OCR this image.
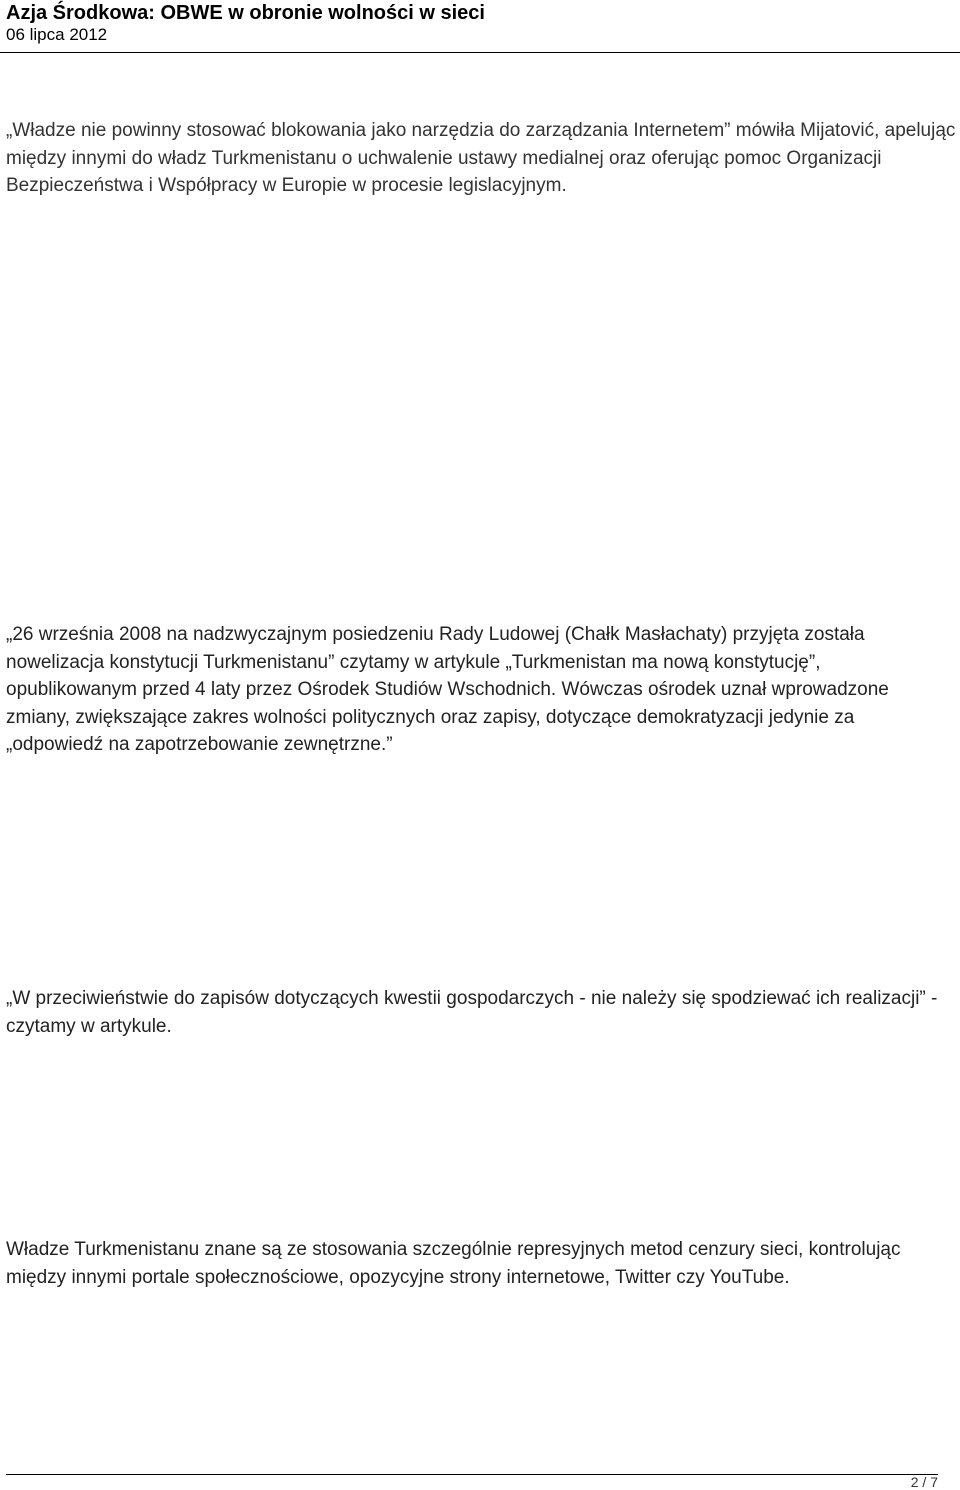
Azja Środkowa: OBWE w obronie wolności w sieci

06 lipca 2012

„Władze nie powinny stosować blokowania jako narzędzia do zarządzania Internetem” mówiła Mijatović, apelując między innymi do władz Turkmenistanu o uchwalenie ustawy medialnej oraz oferując pomoc Organizacji Bezpieczeństwa i Współpracy w Europie w procesie legislacyjnym.

„26 września 2008 na nadzwyczajnym posiedzeniu Rady Ludowej (Chałk Masłachaty) przyjęta została nowelizacja konstytucji Turkmenistanu” czytamy w artykule „Turkmenistan ma nową konstytucję”, opublikowanym przed 4 laty przez Ośrodek Studiów Wschodnich. Wówczas ośrodek uznał wprowadzone zmiany, zwiększające zakres wolności politycznych oraz zapisy, dotyczące demokratyzacji jedynie za „odpowiedź na zapotrzebowanie zewnętrzne.”

„W przeciwieństwie do zapisów dotyczących kwestii gospodarczych - nie należy się spodziewać ich realizacji” - czytamy w artykule.

Władze Turkmenistanu znane są ze stosowania szczególnie represyjnych metod cenzury sieci, kontrolując między innymi portale społecznościowe, opozycyjne strony internetowe, Twitter czy YouTube.

2 / 7
